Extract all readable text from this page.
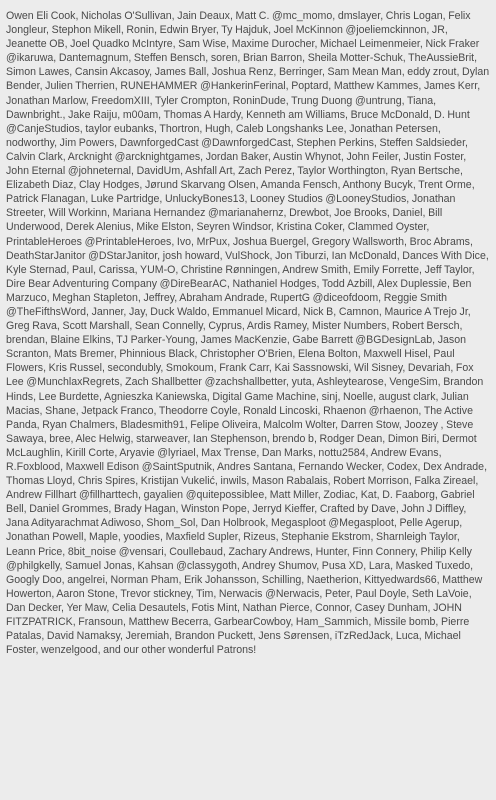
Owen Eli Cook, Nicholas O'Sullivan, Jain Deaux, Matt C. @mc_momo, dmslayer, Chris Logan, Felix Jongleur, Stephon Mikell, Ronin, Edwin Bryer, Ty Hajduk, Joel McKinnon @joeliemckinnon, JR, Jeanette OB, Joel Quadko McIntyre, Sam Wise, Maxime Durocher, Michael Leimenmeier, Nick Fraker @ikaruwa, Dantemagnum, Steffen Bensch, soren, Brian Barron, Sheila Motter-Schuk, TheAussieBrit, Simon Lawes, Cansin Akcasoy, James Ball, Joshua Renz, Berringer, Sam Mean Man, eddy zrout, Dylan Bender, Julien Therrien, RUNEHAMMER @HankerinFerinal, Poptard, Matthew Kammes, James Kerr, Jonathan Marlow, FreedomXIII, Tyler Crompton, RoninDude, Trung Duong @untrung, Tiana, Dawnbright., Jake Raiju, m00am, Thomas A Hardy, Kenneth am Williams, Bruce McDonald, D. Hunt @CanjeStudios, taylor eubanks, Thortron, Hugh, Caleb Longshanks Lee, Jonathan Petersen, nodworthy, Jim Powers, DawnforgedCast @DawnforgedCast, Stephen Perkins, Steffen Saldsieder, Calvin Clark, Arcknight @arcknightgames, Jordan Baker, Austin Whynot, John Feiler, Justin Foster, John Eternal @johneternal, DavidUm, Ashfall Art, Zach Perez, Taylor Worthington, Ryan Bertsche, Elizabeth Diaz, Clay Hodges, Jørund Skarvang Olsen, Amanda Fensch, Anthony Bucyk, Trent Orme, Patrick Flanagan, Luke Partridge, UnluckyBones13, Looney Studios @LooneyStudios, Jonathan Streeter, Will Workinn, Mariana Hernandez @marianahernz, Drewbot, Joe Brooks, Daniel, Bill Underwood, Derek Alenius, Mike Elston, Seyren Windsor, Kristina Coker, Clammed Oyster, PrintableHeroes @PrintableHeroes, Ivo, MrPux, Joshua Buergel, Gregory Wallsworth, Broc Abrams, DeathStarJanitor @DStarJanitor, josh howard, VulShock, Jon Tiburzi, Ian McDonald, Dances With Dice, Kyle Sternad, Paul, Carissa, YUM-O, Christine Rønningen, Andrew Smith, Emily Forrette, Jeff Taylor, Dire Bear Adventuring Company @DireBearAC, Nathaniel Hodges, Todd Azbill, Alex Duplessie, Ben Marzuco, Meghan Stapleton, Jeffrey, Abraham Andrade, RupertG @diceofdoom, Reggie Smith @TheFifthsWord, Janner, Jay, Duck Waldo, Emmanuel Micard, Nick B, Camnon, Maurice A Trejo Jr, Greg Rava, Scott Marshall, Sean Connelly, Cyprus, Ardis Ramey, Mister Numbers, Robert Bersch, brendan, Blaine Elkins, TJ Parker-Young, James MacKenzie, Gabe Barrett @BGDesignLab, Jason Scranton, Mats Bremer, Phinnious Black, Christopher O'Brien, Elena Bolton, Maxwell Hisel, Paul Flowers, Kris Russel, secondubly, Smokoum, Frank Carr, Kai Sassnowski, Wil Sisney, Devariah, Fox Lee @MunchlaxRegrets, Zach Shallbetter @zachshallbetter, yuta, Ashleytearose, VengeSim, Brandon Hinds, Lee Burdette, Agnieszka Kaniewska, Digital Game Machine, sinj, Noelle, august clark, Julian Macias, Shane, Jetpack Franco, Theodorre Coyle, Ronald Lincoski, Rhaenon @rhaenon, The Active Panda, Ryan Chalmers, Bladesmith91, Felipe Oliveira, Malcolm Wolter, Darren Stow, Joozey , Steve Sawaya, bree, Alec Helwig, starweaver, Ian Stephenson, brendo b, Rodger Dean, Dimon Biri, Dermot McLaughlin, Kirill Corte, Aryavie @lyriael, Max Trense, Dan Marks, nottu2584, Andrew Evans, R.Foxblood, Maxwell Edison @SaintSputnik, Andres Santana, Fernando Wecker, Codex, Dex Andrade, Thomas Lloyd, Chris Spires, Kristijan Vukelić, inwils, Mason Rabalais, Robert Morrison, Falka Zireael, Andrew Fillhart @fillharttech, gayalien @quitepossiblee, Matt Miller, Zodiac, Kat, D. Faaborg, Gabriel Bell, Daniel Grommes, Brady Hagan, Winston Pope, Jerryd Kieffer, Crafted by Dave, John J Diffley, Jana Adityarachmat Adiwoso, Shom_Sol, Dan Holbrook, Megasploot @Megasploot, Pelle Agerup, Jonathan Powell, Maple, yoodies, Maxfield Supler, Rizeus, Stephanie Ekstrom, Sharnleigh Taylor, Leann Price, 8bit_noise @vensari, Coullebaud, Zachary Andrews, Hunter, Finn Connery, Philip Kelly @philgkelly, Samuel Jonas, Kahsan @classygoth, Andrey Shumov, Pusa XD, Lara, Masked Tuxedo, Googly Doo, angelrei, Norman Pham, Erik Johansson, Schilling, Naetherion, Kittyedwards66, Matthew Howerton, Aaron Stone, Trevor stickney, Tim, Nerwacis @Nerwacis, Peter, Paul Doyle, Seth LaVoie, Dan Decker, Yer Maw, Celia Desautels, Fotis Mint, Nathan Pierce, Connor, Casey Dunham, JOHN FITZPATRICK, Fransoun, Matthew Becerra, GarbearCowboy, Ham_Sammich, Missile bomb, Pierre Patalas, David Namaksy, Jeremiah, Brandon Puckett, Jens Sørensen, iTzRedJack, Luca, Michael Foster, wenzelgood, and our other wonderful Patrons!
